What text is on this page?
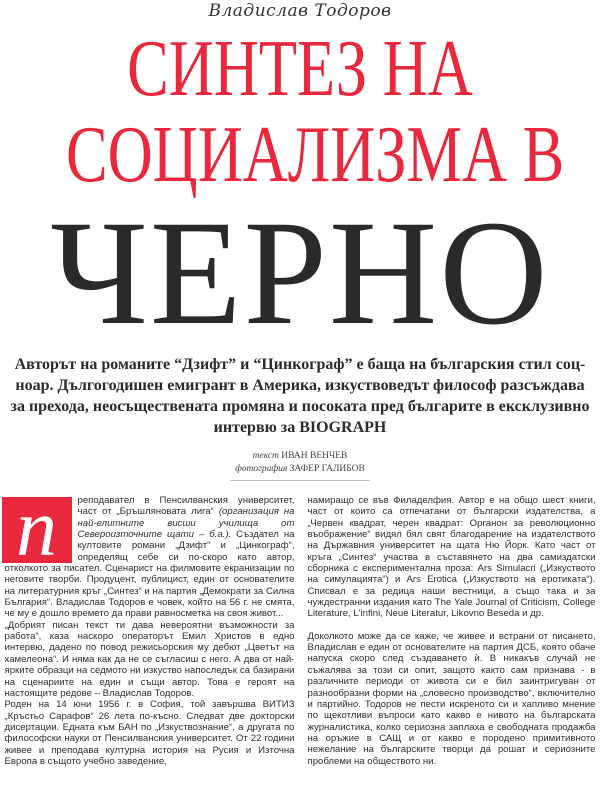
Владислав Тодоров
СИНТЕЗ НА
СОЦИАЛИЗМА В
ЧЕРНО
Авторът на романите “Дзифт” и “Цинкограф” е баща на българския стил соц-ноар. Дългогодишен емигрант в Америка, изкуствоведът философ разсъждава за прехода, неосъществената промяна и посоката пред българите в ексклузивно интервю за BIOGRAPH
текст ИВАН ВЕНЧЕВ
фотография ЗАФЕР ГАЛИБОВ
п	реподавател в Пенсилванския университет, част от „Бръшляновата лига“ (организация на най-елитните висши училища от Североизточните щати – б.а.). Създател на култовите романи „Дзифт“ и „Цинкограф“, определящ себе си по-скоро като автор, отколкото за писател. Сценарист на филмовите екранизации по неговите творби. Продуцент, публицист, един от основателите на литературния кръг „Синтез“ и на партия „Демократи за Силна България“. Владислав Тодоров е човек, който на 56 г. не смята, че му е дошло времето да прави равносметка на своя живот...

„Добрият писан текст ти дава невероятни възможности за работа“, каза наскоро операторът Емил Христов в едно интервю, дадено по повод режисьорския му дебют „Цветът на хамелеона“. И няма как да не се съгласиш с него. А два от най-ярките образци на седмото ни изкуство напоследък са базирани на сценариите на един и същи автор. Това е героят на настоящите редове – Владислав Тодоров.

Роден на 14 юни 1956 г. в София, той завършва ВИТИЗ „Кръстьо Сарафов“ 26 лета по-късно. Следват две докторски дисертации. Едната към БАН по „Изкуствознание“, а другата по философски науки от Пенсилванския университет. От 22 години живее и преподава културна история на Русия и Източна Европа в същото учебно заведение,

намиращо се във Филаделфия. Автор е на общо шест книги, част от които са отпечатани от български издателства, а „Червен квадрат, черен квадрат: Органон за революционно въображение“ видял бял свят благодарение на издателството на Държавния университет на щата Ню Йорк. Като част от кръга „Синтез“ участва в съставянето на два самиздатски сборника с експериментална проза: Ars Simulacri („Изкуството на симулацията“) и Ars Erotica („Изкуството на еротиката“). Списвал е за редица наши вестници, а също така и за чуждестранни издания като The Yale Journal of Criticism, College Literature, L'infini, Neue Literatur, Likovno Beseda и др.

Доколкото може да се каже, че живее и встрани от писането, Владислав е един от основателите на партия ДСБ, която обаче напуска скоро след създаването ѝ. В никакъв случай не съжалява за този си опит, защото както сам признава - в различните периоди от живота си е бил заинтригуван от разнообразни форми на „словесно производство“, включително и партийно. Тодоров не пести искреното си и хапливо мнение по щекотливи въпроси като какво е нивото на българската журналистика, колко сериозна заплаха е свободната продажба на оръжие в САЩ и от какво е породено примитивното нежелание на българските творци да рошат и сериозните проблеми на обществото ни.
